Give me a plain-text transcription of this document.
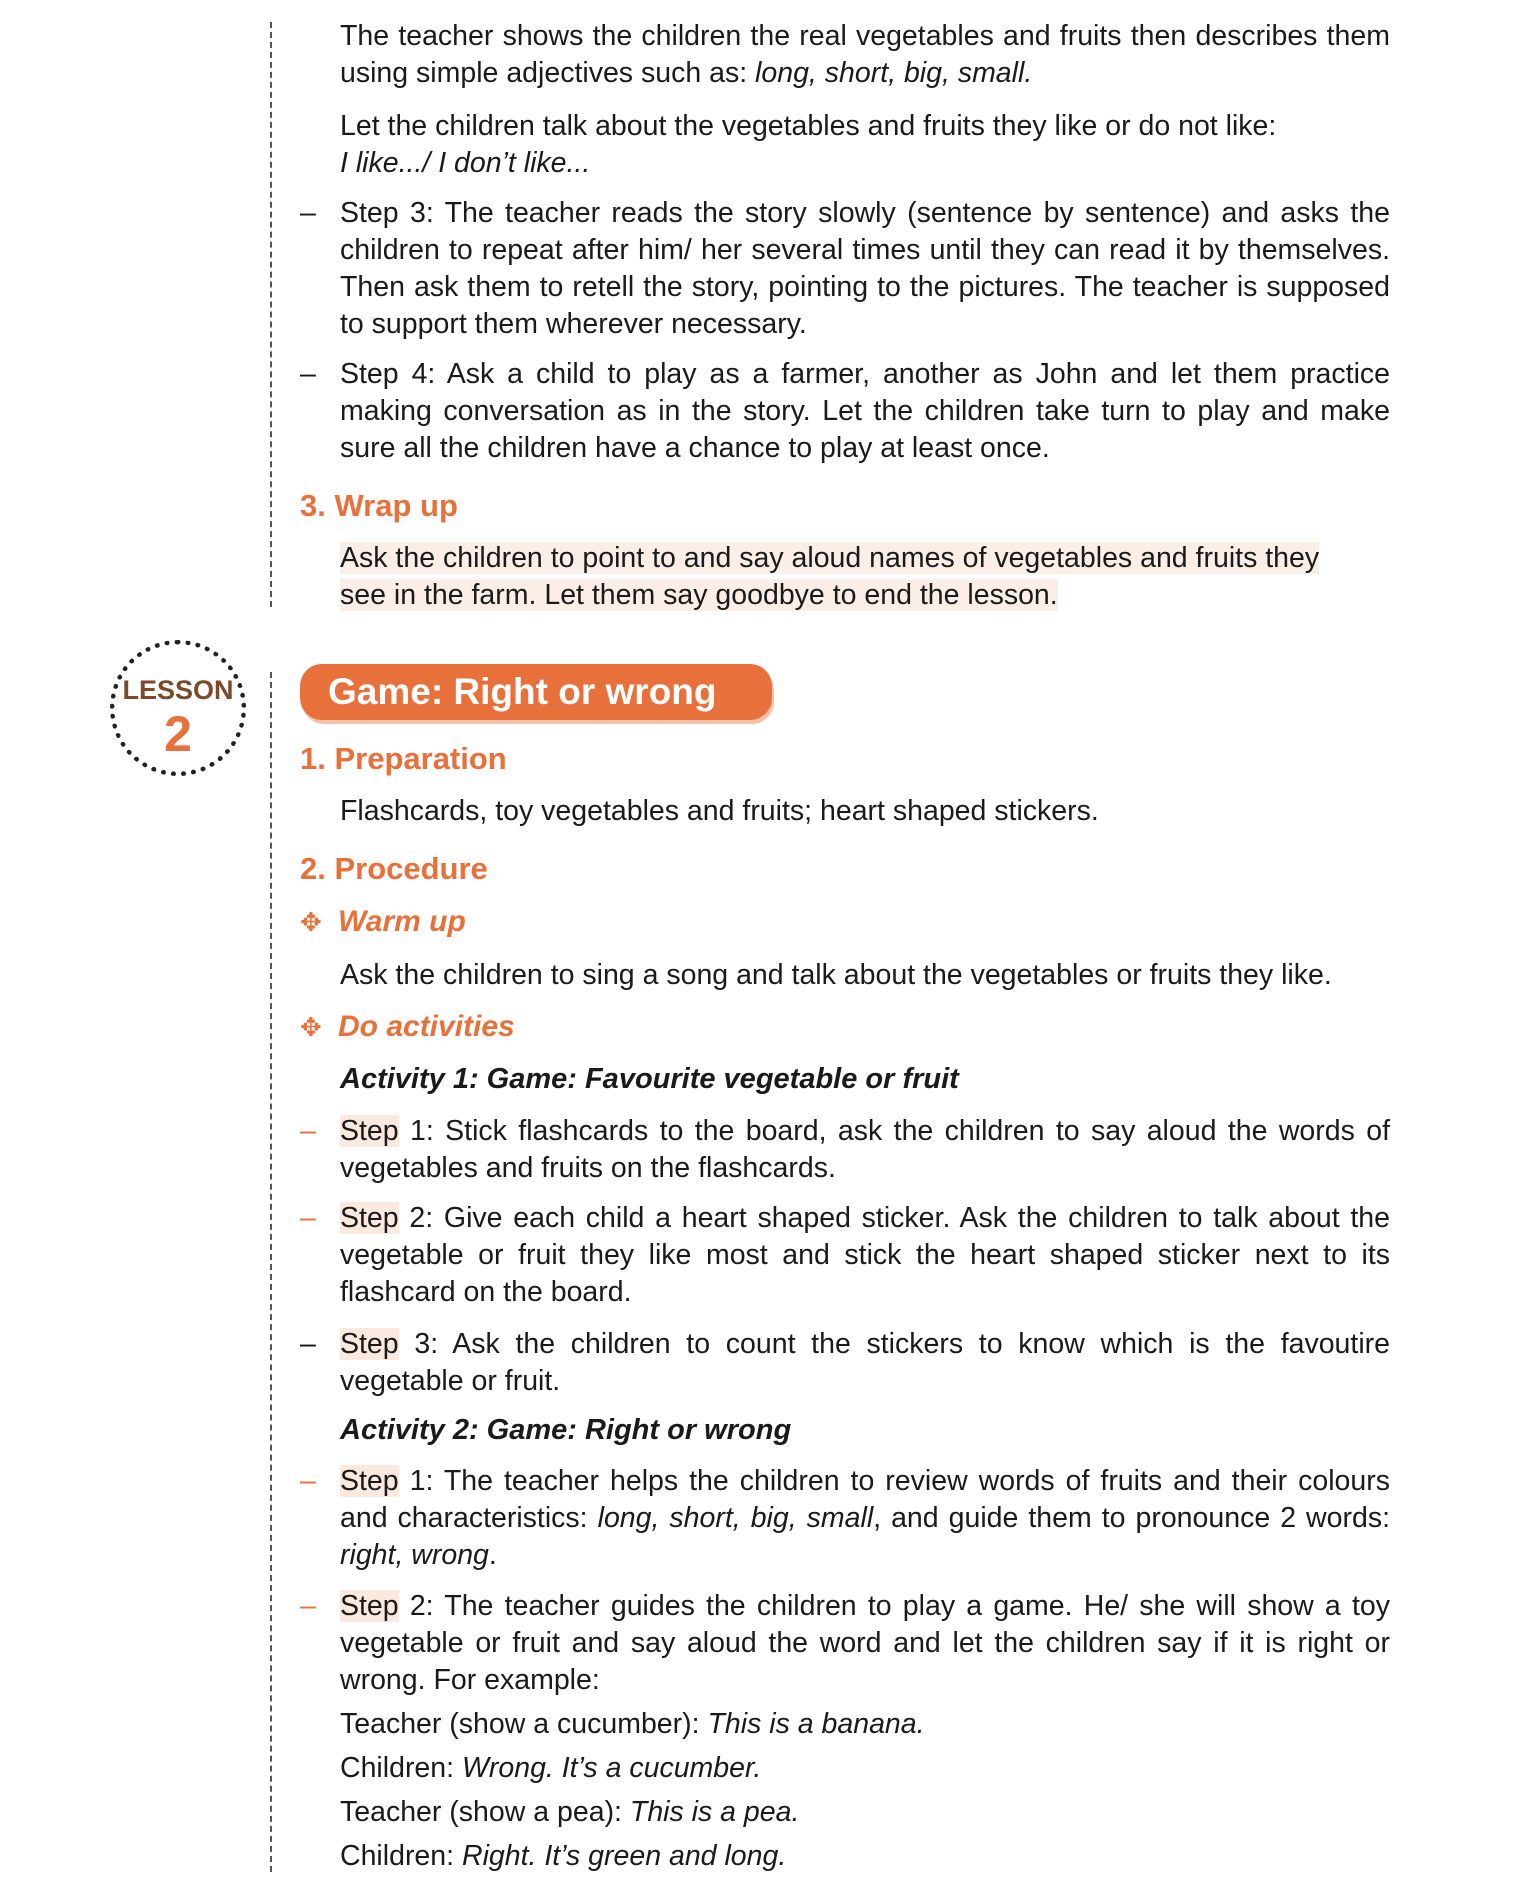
The teacher shows the children the real vegetables and fruits then describes them using simple adjectives such as: long, short, big, small.
Let the children talk about the vegetables and fruits they like or do not like:
I like.../ I don’t like...
– Step 3: The teacher reads the story slowly (sentence by sentence) and asks the children to repeat after him/ her several times until they can read it by themselves. Then ask them to retell the story, pointing to the pictures. The teacher is supposed to support them wherever necessary.
– Step 4: Ask a child to play as a farmer, another as John and let them practice making conversation as in the story. Let the children take turn to play and make sure all the children have a chance to play at least once.
3. Wrap up
Ask the children to point to and say aloud names of vegetables and fruits they
see in the farm. Let them say goodbye to end the lesson.
LESSON
2
Game: Right or wrong
1. Preparation
Flashcards, toy vegetables and fruits; heart shaped stickers.
2. Procedure
✥ Warm up
Ask the children to sing a song and talk about the vegetables or fruits they like.
✥ Do activities
Activity 1: Game: Favourite vegetable or fruit
– Step 1: Stick flashcards to the board, ask the children to say aloud the words of vegetables and fruits on the flashcards.
– Step 2: Give each child a heart shaped sticker. Ask the children to talk about the vegetable or fruit they like most and stick the heart shaped sticker next to its flashcard on the board.
– Step 3: Ask the children to count the stickers to know which is the favoutire vegetable or fruit.
Activity 2: Game: Right or wrong
– Step 1: The teacher helps the children to review words of fruits and their colours and characteristics: long, short, big, small, and guide them to pronounce 2 words: right, wrong.
– Step 2: The teacher guides the children to play a game. He/ she will show a toy vegetable or fruit and say aloud the word and let the children say if it is right or wrong. For example:
Teacher (show a cucumber): This is a banana.
Children: Wrong. It’s a cucumber.
Teacher (show a pea): This is a pea.
Children: Right. It’s green and long.
